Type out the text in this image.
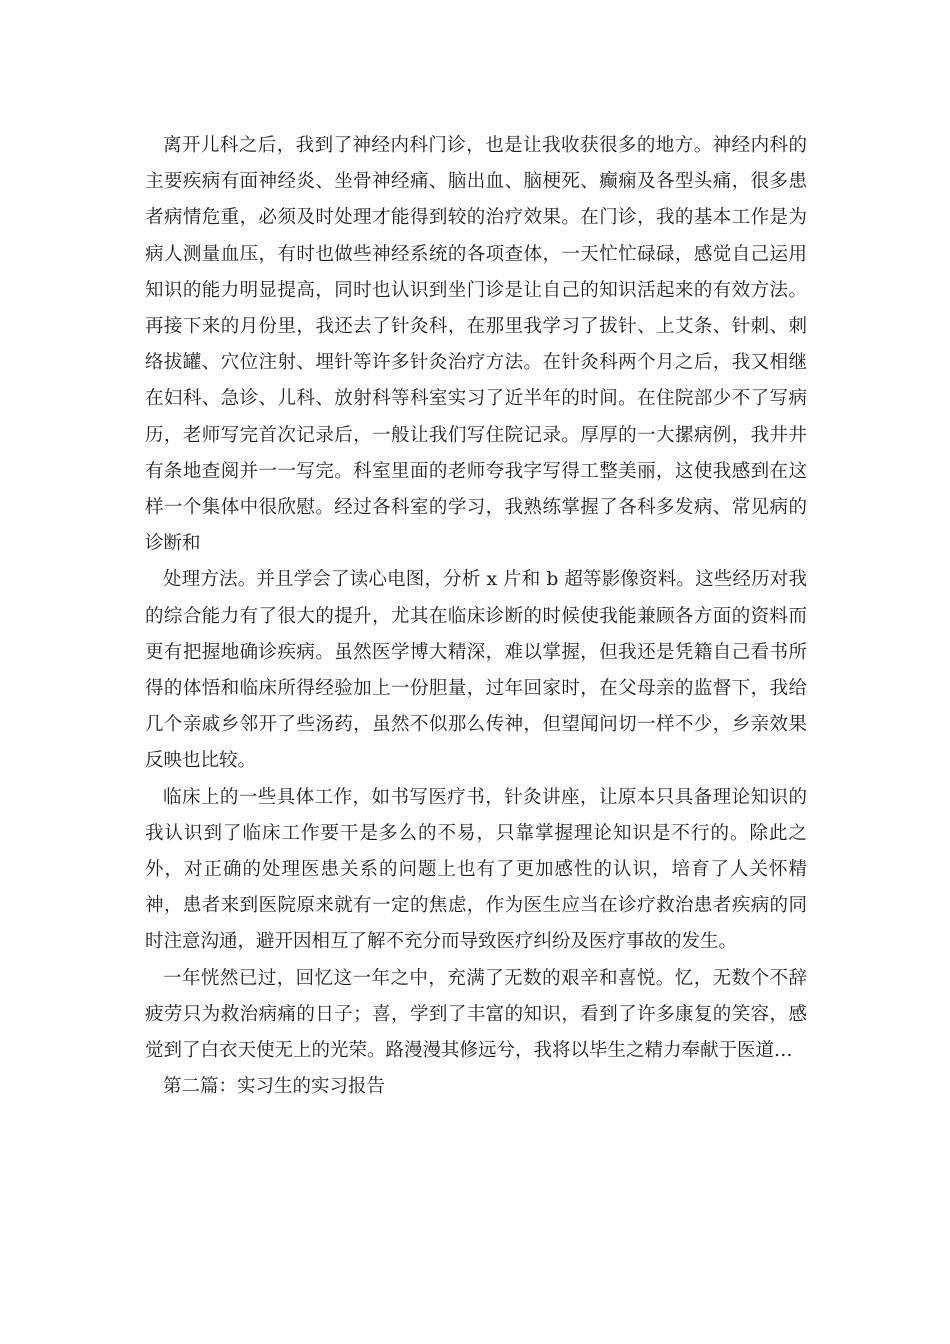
离开儿科之后，我到了神经内科门诊，也是让我收获很多的地方。神经内科的主要疾病有面神经炎、坐骨神经痛、脑出血、脑梗死、癫痫及各型头痛，很多患者病情危重，必须及时处理才能得到较的治疗效果。在门诊，我的基本工作是为病人测量血压，有时也做些神经系统的各项查体，一天忙忙碌碌，感觉自己运用知识的能力明显提高，同时也认识到坐门诊是让自己的知识活起来的有效方法。再接下来的月份里，我还去了针灸科，在那里我学习了拔针、上艾条、针刺、刺络拔罐、穴位注射、埋针等许多针灸治疗方法。在针灸科两个月之后，我又相继在妇科、急诊、儿科、放射科等科室实习了近半年的时间。在住院部少不了写病历，老师写完首次记录后，一般让我们写住院记录。厚厚的一大摞病例，我井井有条地查阅并一一写完。科室里面的老师夸我字写得工整美丽，这使我感到在这样一个集体中很欣慰。经过各科室的学习，我熟练掌握了各科多发病、常见病的诊断和

处理方法。并且学会了读心电图，分析 x 片和 b 超等影像资料。这些经历对我的综合能力有了很大的提升，尤其在临床诊断的时候使我能兼顾各方面的资料而更有把握地确诊疾病。虽然医学博大精深，难以掌握，但我还是凭籍自己看书所得的体悟和临床所得经验加上一份胆量，过年回家时，在父母亲的监督下，我给几个亲戚乡邻开了些汤药，虽然不似那么传神，但望闻问切一样不少，乡亲效果反映也比较。

临床上的一些具体工作，如书写医疗书，针灸讲座，让原本只具备理论知识的我认识到了临床工作要干是多么的不易，只靠掌握理论知识是不行的。除此之外，对正确的处理医患关系的问题上也有了更加感性的认识，培育了人关怀精神，患者来到医院原来就有一定的焦虑，作为医生应当在诊疗救治患者疾病的同时注意沟通，避开因相互了解不充分而导致医疗纠纷及医疗事故的发生。

一年恍然已过，回忆这一年之中，充满了无数的艰辛和喜悦。忆，无数个不辞疲劳只为救治病痛的日子；喜，学到了丰富的知识，看到了许多康复的笑容，感觉到了白衣天使无上的光荣。路漫漫其修远兮，我将以毕生之精力奉献于医道…

第二篇：实习生的实习报告
